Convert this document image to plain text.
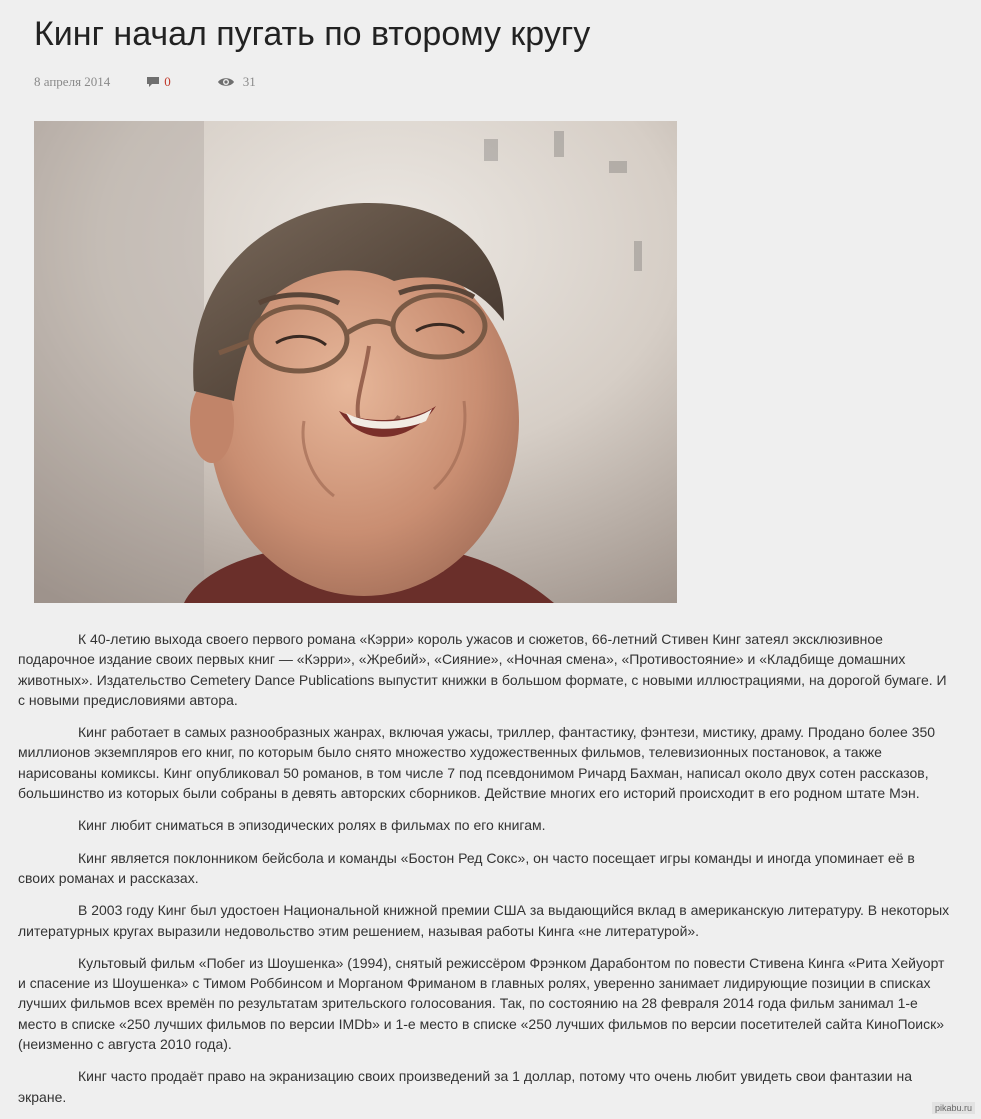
Кинг начал пугать по второму кругу
8 апреля 2014	0	31

К 40-летию выхода своего первого романа «Кэрри» король ужасов и сюжетов, 66-летний Стивен Кинг затеял эксклюзивное подарочное издание своих первых книг — «Кэрри», «Жребий», «Сияние», «Ночная смена», «Противостояние» и «Кладбище домашних животных». Издательство Cemetery Dance Publications выпустит книжки в большом формате, с новыми иллюстрациями, на дорогой бумаге. И с новыми предисловиями автора.

Кинг работает в самых разнообразных жанрах, включая ужасы, триллер, фантастику, фэнтези, мистику, драму. Продано более 350 миллионов экземпляров его книг, по которым было снято множество художественных фильмов, телевизионных постановок, а также нарисованы комиксы. Кинг опубликовал 50 романов, в том числе 7 под псевдонимом Ричард Бахман, написал около двух сотен рассказов, большинство из которых были собраны в девять авторских сборников. Действие многих его историй происходит в его родном штате Мэн.

Кинг любит сниматься в эпизодических ролях в фильмах по его книгам.

Кинг является поклонником бейсбола и команды «Бостон Ред Сокс», он часто посещает игры команды и иногда упоминает её в своих романах и рассказах.

В 2003 году Кинг был удостоен Национальной книжной премии США за выдающийся вклад в американскую литературу. В некоторых литературных кругах выразили недовольство этим решением, называя работы Кинга «не литературой».

Культовый фильм «Побег из Шоушенка» (1994), снятый режиссёром Фрэнком Дарабонтом по повести Стивена Кинга «Рита Хейуорт и спасение из Шоушенка» с Тимом Роббинсом и Морганом Фриманом в главных ролях, уверенно занимает лидирующие позиции в списках лучших фильмов всех времён по результатам зрительского голосования. Так, по состоянию на 28 февраля 2014 года фильм занимал 1-е место в списке «250 лучших фильмов по версии IMDb» и 1-е место в списке «250 лучших фильмов по версии посетителей сайта КиноПоиск» (неизменно с августа 2010 года).

Кинг часто продаёт право на экранизацию своих произведений за 1 доллар, потому что очень любит увидеть свои фантазии на экране.

pikabu.ru
